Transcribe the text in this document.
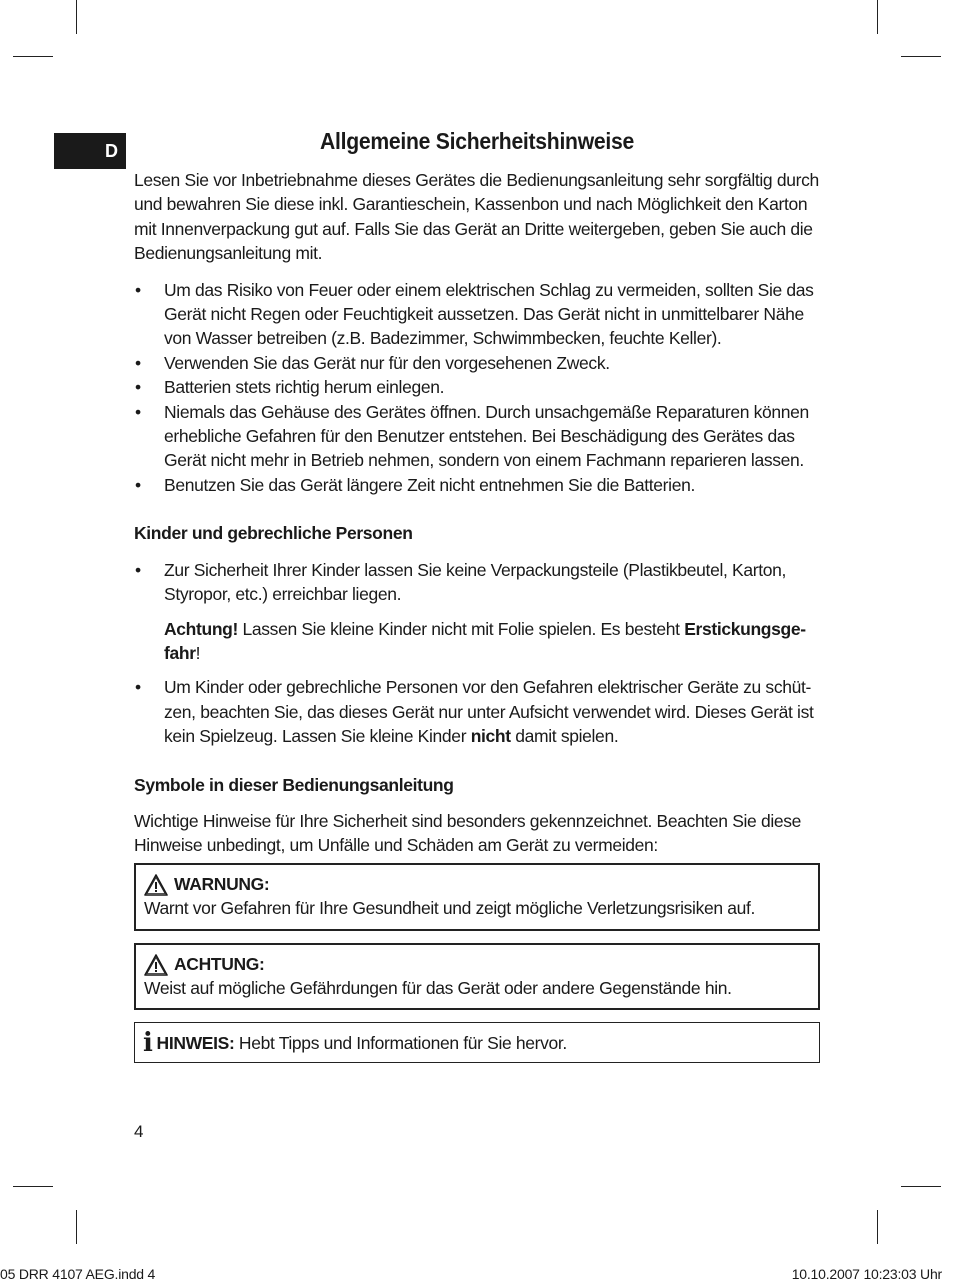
D	Allgemeine Sicherheitshinweise

Lesen Sie vor Inbetriebnahme dieses Gerätes die Bedienungsanleitung sehr sorgfältig durch und bewahren Sie diese inkl. Garantieschein, Kassenbon und nach Möglichkeit den Karton mit Innenverpackung gut auf. Falls Sie das Gerät an Dritte weitergeben, geben Sie auch die Bedienungsanleitung mit.

• Um das Risiko von Feuer oder einem elektrischen Schlag zu vermeiden, sollten Sie das Gerät nicht Regen oder Feuchtigkeit aussetzen. Das Gerät nicht in unmittelbarer Nähe von Wasser betreiben (z.B. Badezimmer, Schwimmbecken, feuchte Keller).
• Verwenden Sie das Gerät nur für den vorgesehenen Zweck.
• Batterien stets richtig herum einlegen.
• Niemals das Gehäuse des Gerätes öffnen. Durch unsachgemäße Reparaturen können erhebliche Gefahren für den Benutzer entstehen. Bei Beschädigung des Gerätes das Gerät nicht mehr in Betrieb nehmen, sondern von einem Fachmann reparieren lassen.
• Benutzen Sie das Gerät längere Zeit nicht entnehmen Sie die Batterien.

Kinder und gebrechliche Personen

• Zur Sicherheit Ihrer Kinder lassen Sie keine Verpackungsteile (Plastikbeutel, Karton, Styropor, etc.) erreichbar liegen.

Achtung! Lassen Sie kleine Kinder nicht mit Folie spielen. Es besteht Erstickungsge-fahr!

• Um Kinder oder gebrechliche Personen vor den Gefahren elektrischer Geräte zu schüt-zen, beachten Sie, das dieses Gerät nur unter Aufsicht verwendet wird. Dieses Gerät ist kein Spielzeug. Lassen Sie kleine Kinder nicht damit spielen.

Symbole in dieser Bedienungsanleitung

Wichtige Hinweise für Ihre Sicherheit sind besonders gekennzeichnet. Beachten Sie diese Hinweise unbedingt, um Unfälle und Schäden am Gerät zu vermeiden:

WARNUNG:
Warnt vor Gefahren für Ihre Gesundheit und zeigt mögliche Verletzungsrisiken auf.
ACHTUNG:
Weist auf mögliche Gefährdungen für das Gerät oder andere Gegenstände hin.
i HINWEIS: Hebt Tipps und Informationen für Sie hervor.
4
05 DRR 4107 AEG.indd 4	10.10.2007 10:23:03 Uhr
